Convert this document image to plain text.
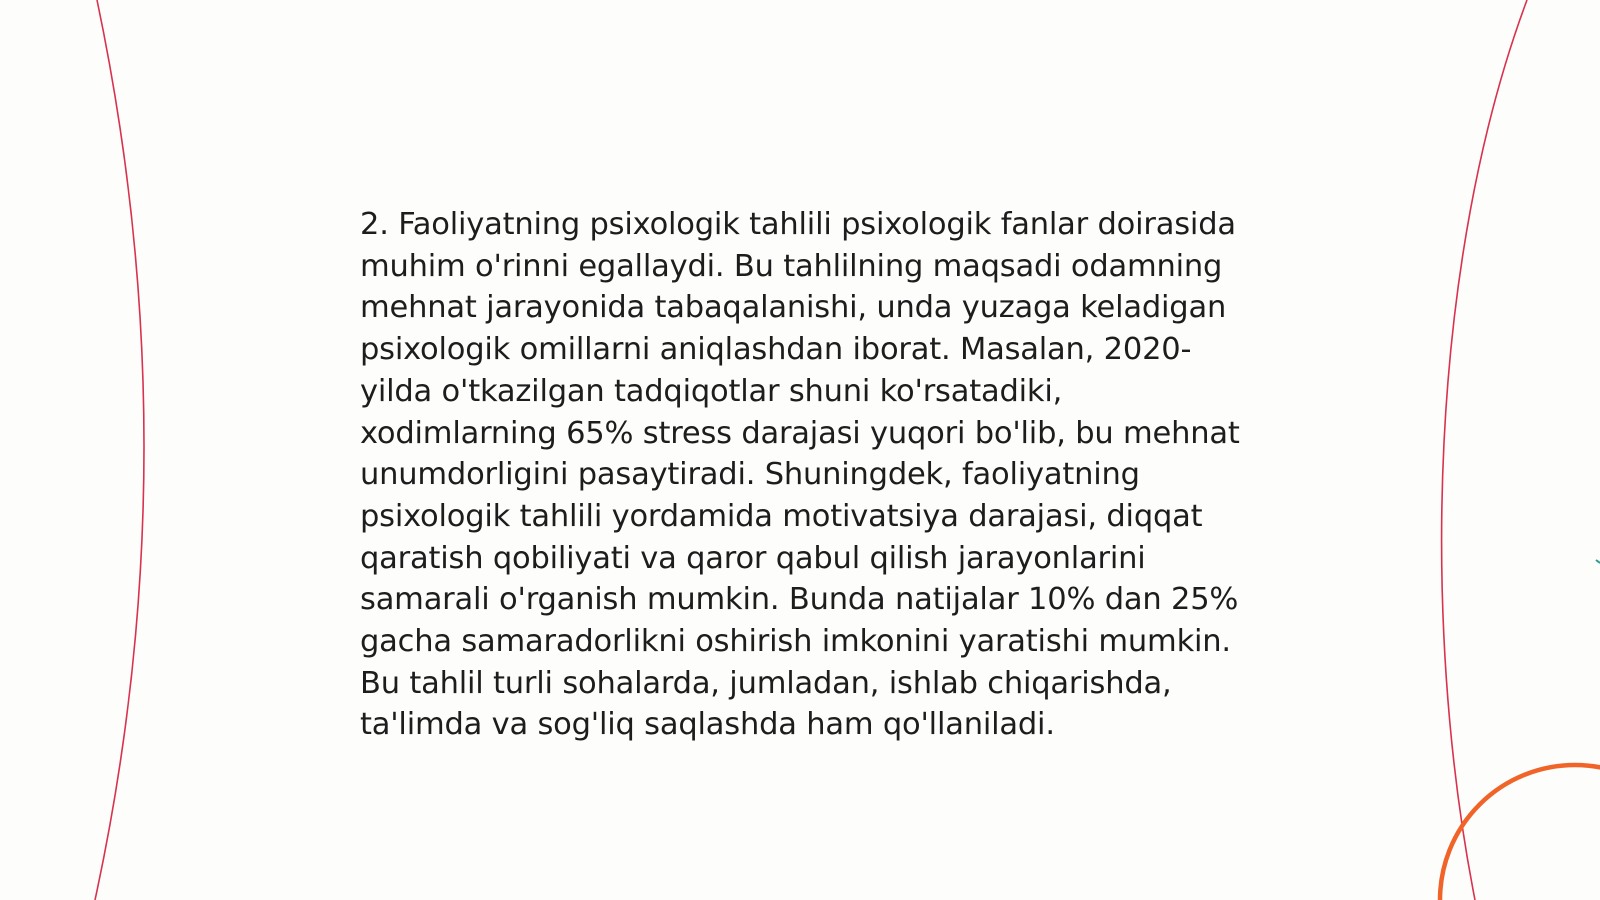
2. Faoliyatning psixologik tahlili psixologik fanlar doirasida muhim o'rinni egallaydi. Bu tahlilning maqsadi odamning mehnat jarayonida tabaqalanishi, unda yuzaga keladigan psixologik omillarni aniqlashdan iborat. Masalan, 2020-yilda o'tkazilgan tadqiqotlar shuni ko'rsatadiki, xodimlarning 65% stress darajasi yuqori bo'lib, bu mehnat unumdorligini pasaytiradi. Shuningdek, faoliyatning psixologik tahlili yordamida motivatsiya darajasi, diqqat qaratish qobiliyati va qaror qabul qilish jarayonlarini samarali o'rganish mumkin. Bunda natijalar 10% dan 25% gacha samaradorlikni oshirish imkonini yaratishi mumkin. Bu tahlil turli sohalarda, jumladan, ishlab chiqarishda, ta'limda va sog'liq saqlashda ham qo'llaniladi.
